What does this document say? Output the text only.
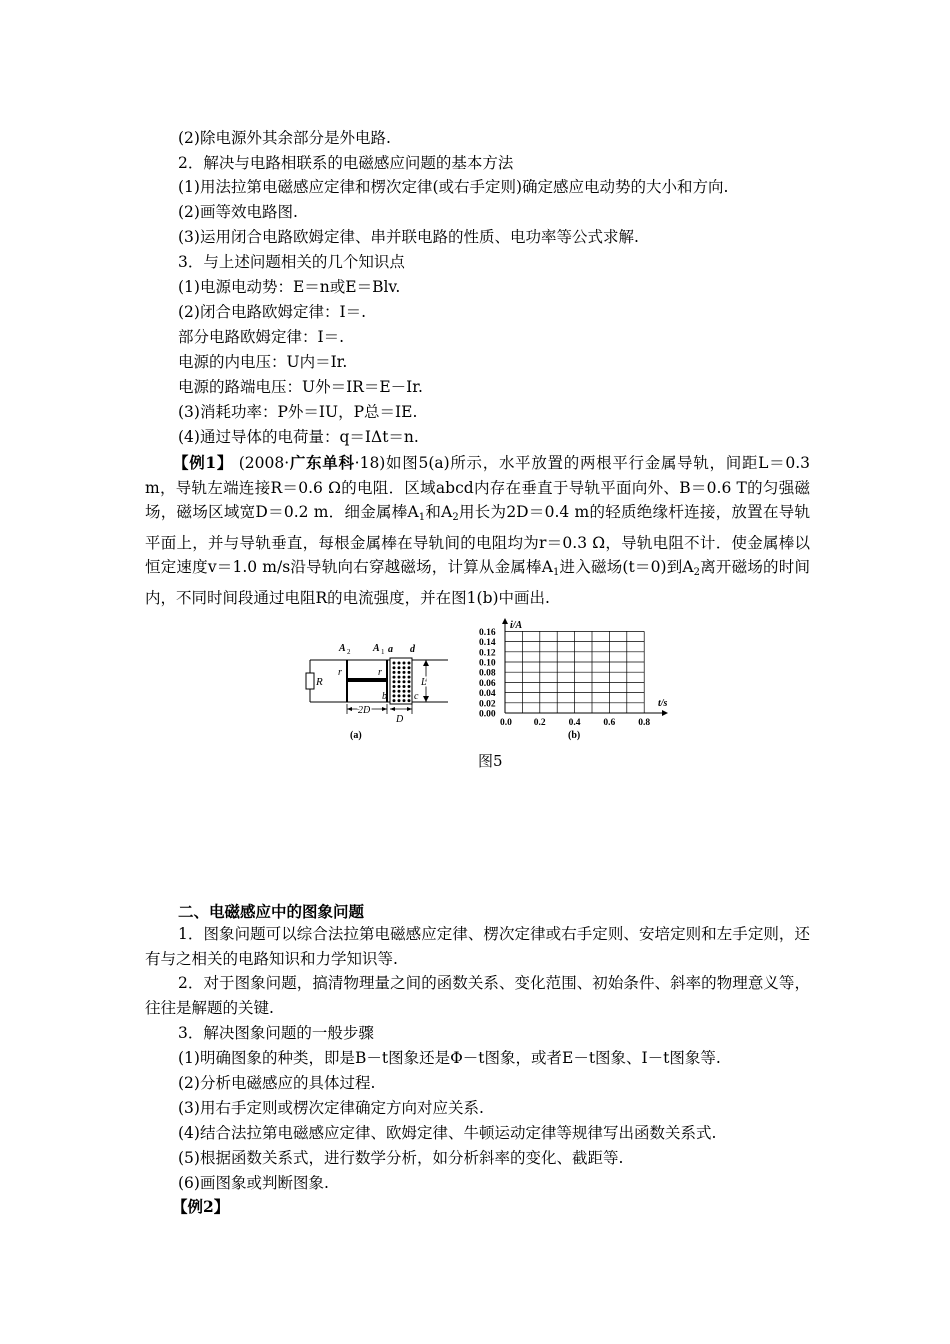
(2)除电源外其余部分是外电路.
2．解决与电路相联系的电磁感应问题的基本方法
(1)用法拉第电磁感应定律和楞次定律(或右手定则)确定感应电动势的大小和方向.
(2)画等效电路图.
(3)运用闭合电路欧姆定律、串并联电路的性质、电功率等公式求解.
3．与上述问题相关的几个知识点
(1)电源电动势：E＝n或E＝Blv.
(2)闭合电路欧姆定律：I＝.
部分电路欧姆定律：I＝.
电源的内电压：U内＝Ir.
电源的路端电压：U外＝IR＝E－Ir.
(3)消耗功率：P外＝IU，P总＝IE.
(4)通过导体的电荷量：q＝IΔt＝n.
【例1】 (2008·广东单科·18)如图5(a)所示，水平放置的两根平行金属导轨，间距L＝0.3 m，导轨左端连接R＝0.6 Ω的电阻．区域abcd内存在垂直于导轨平面向外、B＝0.6 T的匀强磁场，磁场区域宽D＝0.2 m．细金属棒$A_1$和$A_2$用长为2D＝0.4 m的轻质绝缘杆连接，放置在导轨平面上，并与导轨垂直，每根金属棒在导轨间的电阻均为r＝0.3 Ω，导轨电阻不计．使金属棒以恒定速度v＝1.0 m/s沿导轨向右穿越磁场，计算从金属棒$A_1$进入磁场(t＝0)到$A_2$离开磁场的时间内，不同时间段通过电阻R的电流强度，并在图1(b)中画出.
R
A 2 A 1 a d
r	r
b	c
L
2D
D
(a)
0.16
0.14
0.12
0.10
0.08
0.06
0.04
0.02
0.00
0.0 0.2 0.4 0.6 0.8
i/A
t/s
(b)
图5
二、电磁感应中的图象问题
1．图象问题可以综合法拉第电磁感应定律、楞次定律或右手定则、安培定则和左手定则，还有与之相关的电路知识和力学知识等.
2．对于图象问题，搞清物理量之间的函数关系、变化范围、初始条件、斜率的物理意义等，往往是解题的关键.
3．解决图象问题的一般步骤
(1)明确图象的种类，即是B－t图象还是Φ－t图象，或者E－t图象、I－t图象等.
(2)分析电磁感应的具体过程.
(3)用右手定则或楞次定律确定方向对应关系.
(4)结合法拉第电磁感应定律、欧姆定律、牛顿运动定律等规律写出函数关系式.
(5)根据函数关系式，进行数学分析，如分析斜率的变化、截距等.
(6)画图象或判断图象.
【例2】
